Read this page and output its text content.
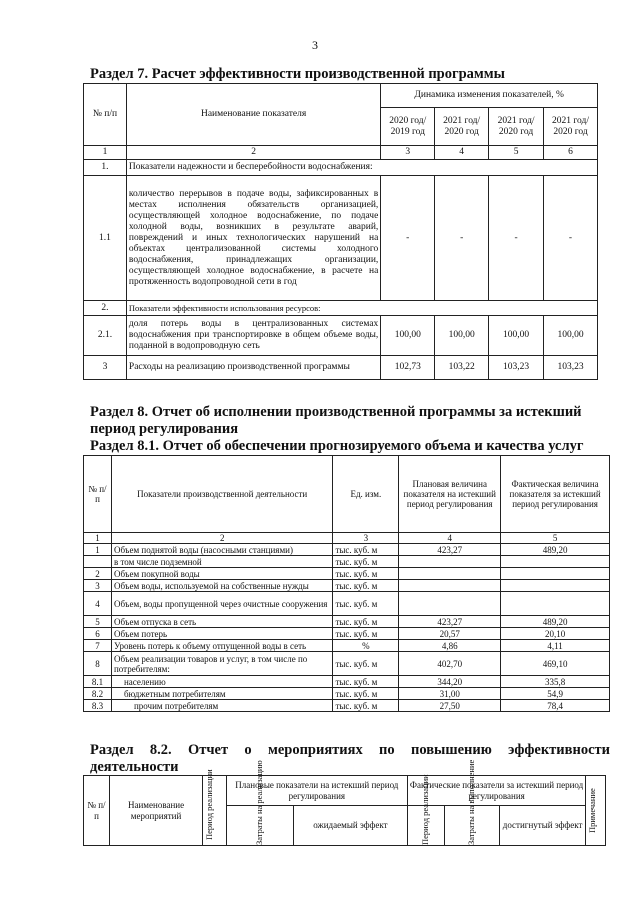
3
Раздел 7. Расчет эффективности производственной программы
№ п/п	Наименование показателя	Динамика изменения показателей, %			
		2020 год/ 2019 год	2021 год/ 2020 год	2021 год/ 2020 год	2021 год/ 2020 год
1	2	3	4	5	6
1.	Показатели надежности и бесперебойности водоснабжения:				
1.1	количество перерывов в подаче воды, зафиксированных в местах исполнения обязательств организацией, осуществляющей холодное водоснабжение, по подаче холодной воды, возникших в результате аварий, повреждений и иных технологических нарушений на объектах централизованной системы холодного водоснабжения, принадлежащих организации, осуществляющей холодное водоснабжение, в расчете на протяженность водопроводной сети в год	-	-	-	-
2.	Показатели эффективности использования ресурсов:				
2.1.	доля потерь воды в централизованных системах водоснабжения при транспортировке в общем объеме воды, поданной в водопроводную сеть	100,00	100,00	100,00	100,00
3	Расходы на реализацию производственной программы	102,73	103,22	103,23	103,23
Раздел 8. Отчет об исполнении производственной программы за истекший период регулирования
Раздел 8.1. Отчет об обеспечении прогнозируемого объема и качества услуг
№ п/п	Показатели производственной деятельности	Ед. изм.	Плановая величина показателя на истекший период регулирования	Фактическая величина показателя за истекший период регулирования
1	2	3	4	5
1	Объем поднятой воды (насосными станциями)	тыс. куб. м	423,27	489,20
	в том числе подземной	тыс. куб. м		
2	Объем покупной воды	тыс. куб. м		
3	Объем воды, используемой на собственные нужды	тыс. куб. м		
4	Объем, воды пропущенной через очистные сооружения	тыс. куб. м		
5	Объем отпуска в сеть	тыс. куб. м	423,27	489,20
6	Объем потерь	тыс. куб. м	20,57	20,10
7	Уровень потерь к объему отпущенной воды в сеть	%	4,86	4,11
8	Объем реализации товаров и услуг, в том числе по потребителям:	тыс. куб. м	402,70	469,10
8.1	населению	тыс. куб. м	344,20	335,8
8.2	бюджетным потребителям	тыс. куб. м	31,00	54,9
8.3	прочим потребителям	тыс. куб. м	27,50	78,4
Раздел 8.2. Отчет о мероприятиях по повышению эффективности деятельности
№ п/п	Наименование мероприятий	Период реализации	Плановые показатели на истекший период регулирования		Фактические показатели за истекший период регулирования			Примечание

			Затраты на реализацию	ожидаемый эффект	Период реализации	Затраты на выполнение	достигнутый эффект	
